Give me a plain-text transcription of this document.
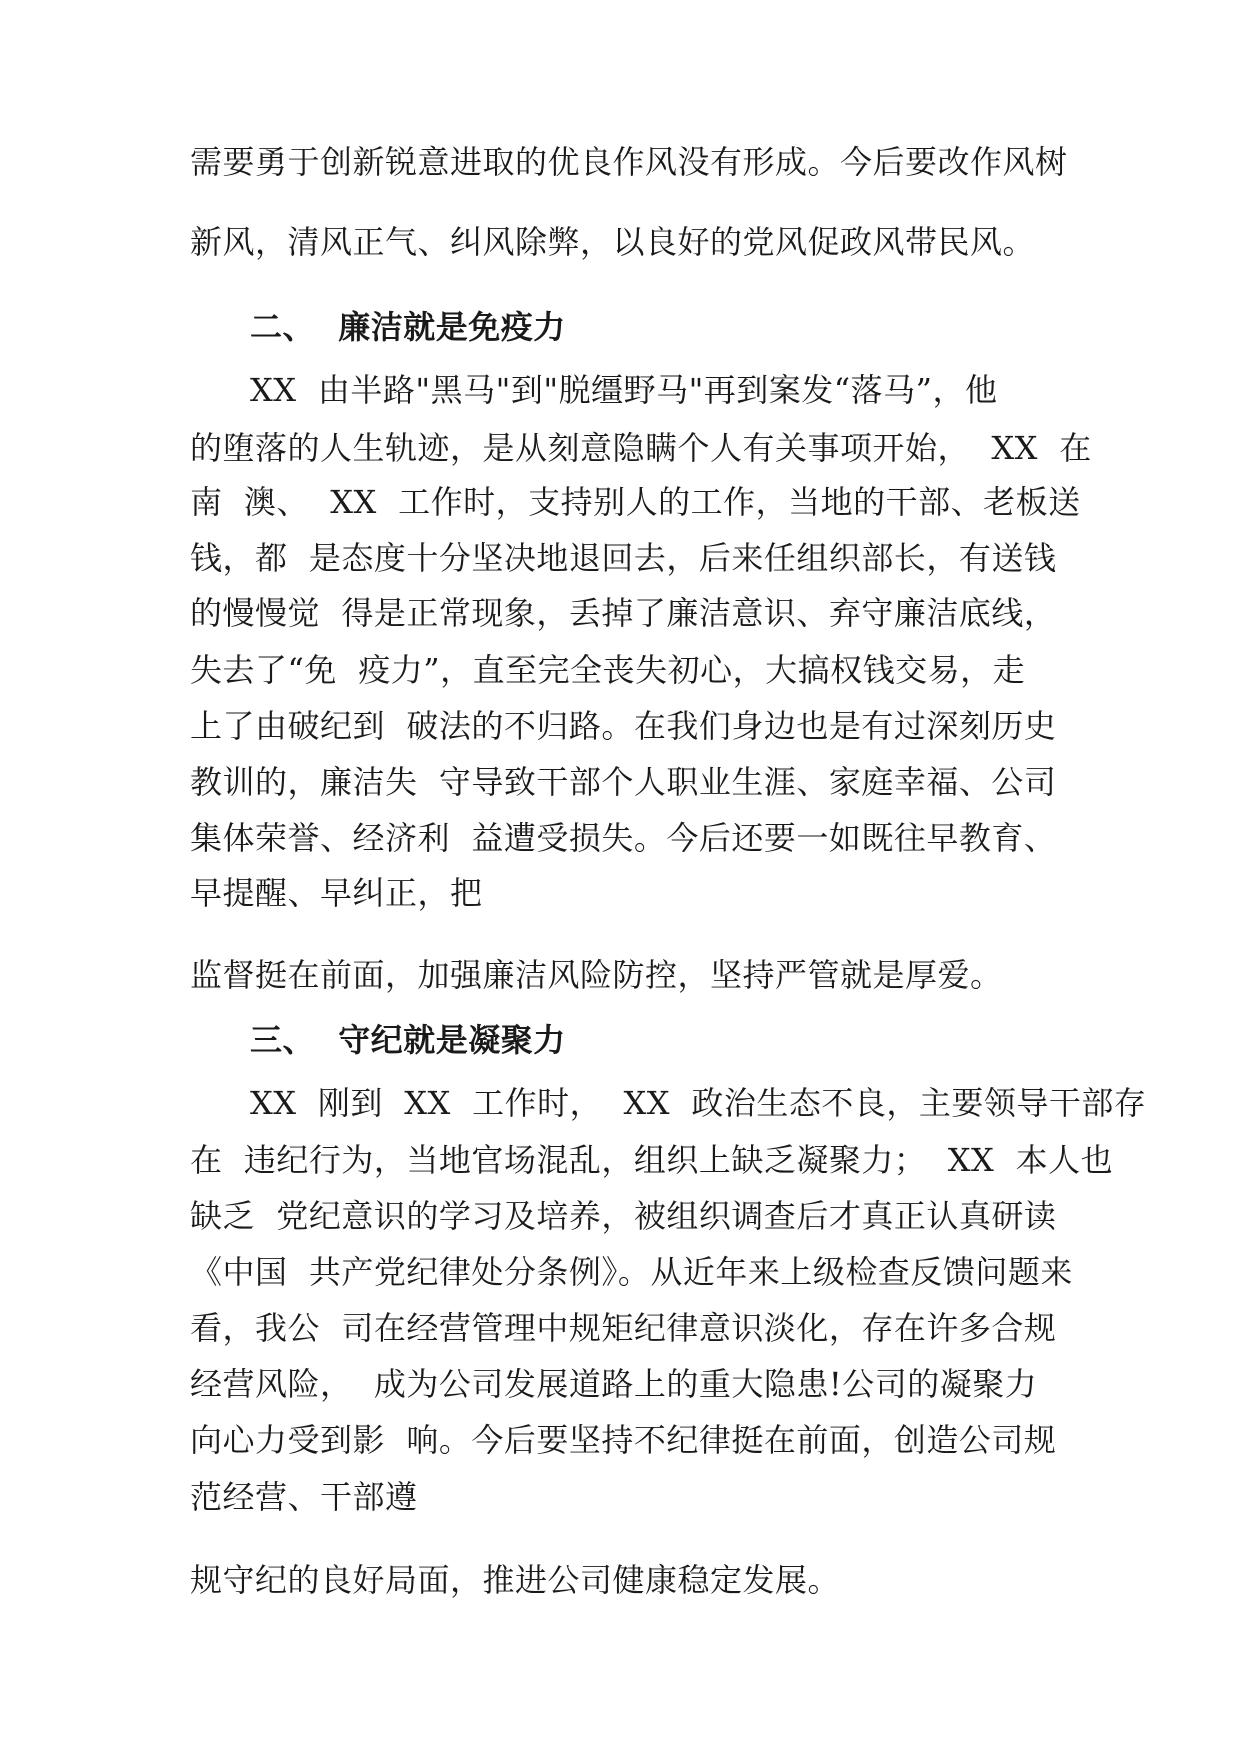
需要勇于创新锐意进取的优良作风没有形成。今后要改作风树
新风，清风正气、纠风除弊，以良好的党风促政风带民风。
二、  廉洁就是免疫力
XX  由半路"黑马"到"脱缰野马"再到案发“落马”，他
的堕落的人生轨迹，是从刻意隐瞒个人有关事项开始，  XX  在
南  澳、  XX  工作时，支持别人的工作，当地的干部、老板送
钱，都  是态度十分坚决地退回去，后来任组织部长，有送钱
的慢慢觉  得是正常现象，丢掉了廉洁意识、弃守廉洁底线，
失去了“免  疫力”，直至完全丧失初心，大搞权钱交易，走
上了由破纪到  破法的不归路。在我们身边也是有过深刻历史
教训的，廉洁失  守导致干部个人职业生涯、家庭幸福、公司
集体荣誉、经济利  益遭受损失。今后还要一如既往早教育、
早提醒、早纠正，把
监督挺在前面，加强廉洁风险防控，坚持严管就是厚爱。
三、  守纪就是凝聚力
XX  刚到  XX  工作时，  XX  政治生态不良，主要领导干部存
在  违纪行为，当地官场混乱，组织上缺乏凝聚力；  XX  本人也
缺乏  党纪意识的学习及培养，被组织调查后才真正认真研读
《中国  共产党纪律处分条例》。从近年来上级检查反馈问题来
看，我公  司在经营管理中规矩纪律意识淡化，存在许多合规
经营风险，  成为公司发展道路上的重大隐患!公司的凝聚力
向心力受到影  响。今后要坚持不纪律挺在前面，创造公司规
范经营、干部遵
规守纪的良好局面，推进公司健康稳定发展。
